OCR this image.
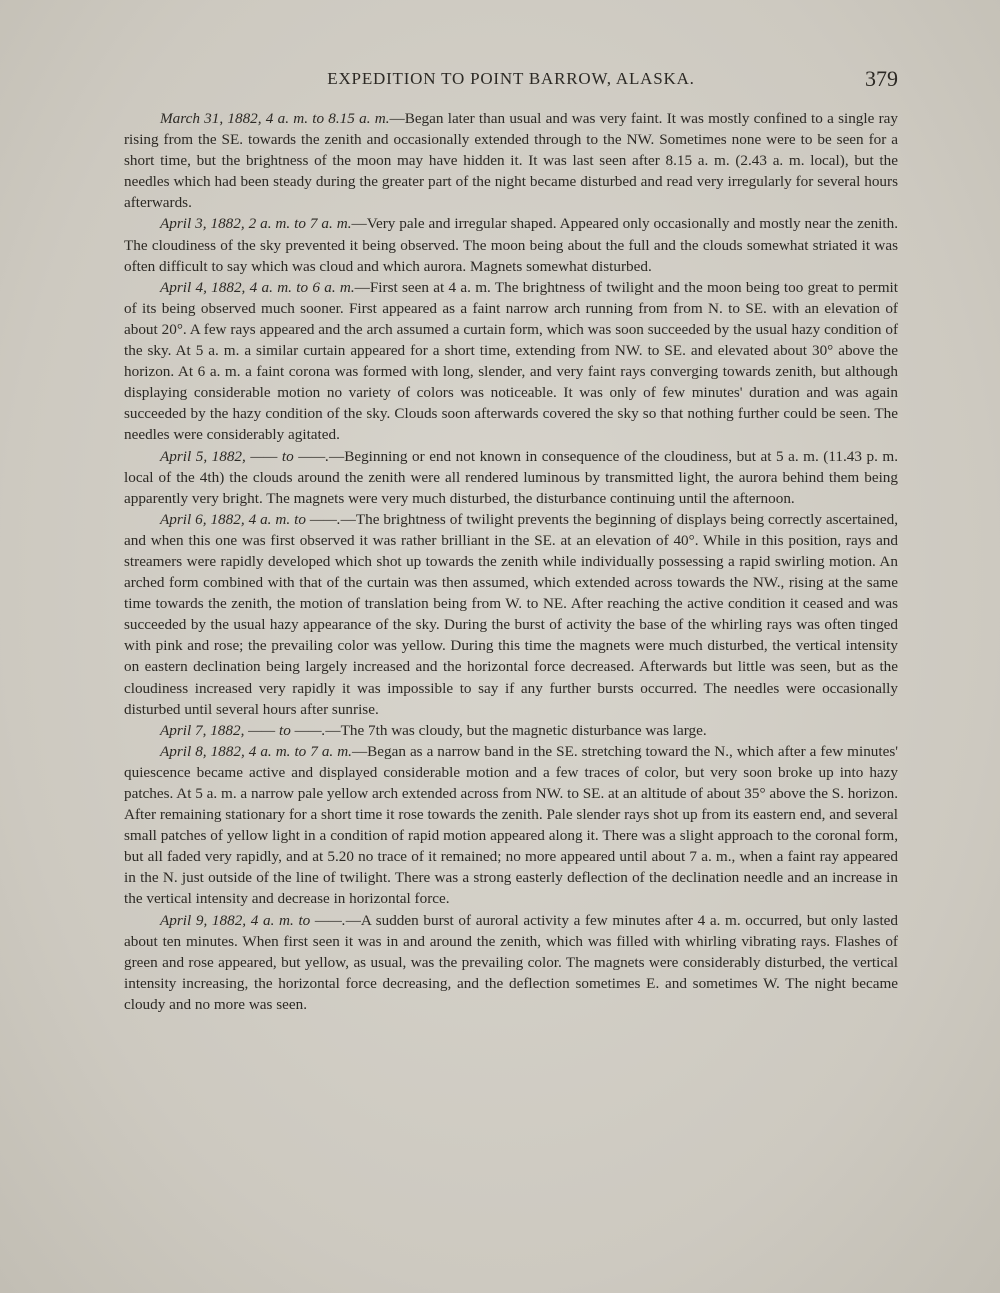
EXPEDITION TO POINT BARROW, ALASKA.	379

March 31, 1882, 4 a. m. to 8.15 a. m.—Began later than usual and was very faint. It was mostly confined to a single ray rising from the SE. towards the zenith and occasionally extended through to the NW. Sometimes none were to be seen for a short time, but the brightness of the moon may have hidden it. It was last seen after 8.15 a. m. (2.43 a. m. local), but the needles which had been steady during the greater part of the night became disturbed and read very irregularly for several hours afterwards.

April 3, 1882, 2 a. m. to 7 a. m.—Very pale and irregular shaped. Appeared only occasionally and mostly near the zenith. The cloudiness of the sky prevented it being observed. The moon being about the full and the clouds somewhat striated it was often difficult to say which was cloud and which aurora. Magnets somewhat disturbed.

April 4, 1882, 4 a. m. to 6 a. m.—First seen at 4 a. m. The brightness of twilight and the moon being too great to permit of its being observed much sooner. First appeared as a faint narrow arch running from from N. to SE. with an elevation of about 20°. A few rays appeared and the arch assumed a curtain form, which was soon succeeded by the usual hazy condition of the sky. At 5 a. m. a similar curtain appeared for a short time, extending from NW. to SE. and elevated about 30° above the horizon. At 6 a. m. a faint corona was formed with long, slender, and very faint rays converging towards zenith, but although displaying considerable motion no variety of colors was noticeable. It was only of few minutes' duration and was again succeeded by the hazy condition of the sky. Clouds soon afterwards covered the sky so that nothing further could be seen. The needles were considerably agitated.

April 5, 1882, —— to ——.—Beginning or end not known in consequence of the cloudiness, but at 5 a. m. (11.43 p. m. local of the 4th) the clouds around the zenith were all rendered luminous by transmitted light, the aurora behind them being apparently very bright. The magnets were very much disturbed, the disturbance continuing until the afternoon.

April 6, 1882, 4 a. m. to ——.—The brightness of twilight prevents the beginning of displays being correctly ascertained, and when this one was first observed it was rather brilliant in the SE. at an elevation of 40°. While in this position, rays and streamers were rapidly developed which shot up towards the zenith while individually possessing a rapid swirling motion. An arched form combined with that of the curtain was then assumed, which extended across towards the NW., rising at the same time towards the zenith, the motion of translation being from W. to NE. After reaching the active condition it ceased and was succeeded by the usual hazy appearance of the sky. During the burst of activity the base of the whirling rays was often tinged with pink and rose; the prevailing color was yellow. During this time the magnets were much disturbed, the vertical intensity on eastern declination being largely increased and the horizontal force decreased. Afterwards but little was seen, but as the cloudiness increased very rapidly it was impossible to say if any further bursts occurred. The needles were occasionally disturbed until several hours after sunrise.

April 7, 1882, —— to ——.—The 7th was cloudy, but the magnetic disturbance was large.

April 8, 1882, 4 a. m. to 7 a. m.—Began as a narrow band in the SE. stretching toward the N., which after a few minutes' quiescence became active and displayed considerable motion and a few traces of color, but very soon broke up into hazy patches. At 5 a. m. a narrow pale yellow arch extended across from NW. to SE. at an altitude of about 35° above the S. horizon. After remaining stationary for a short time it rose towards the zenith. Pale slender rays shot up from its eastern end, and several small patches of yellow light in a condition of rapid motion appeared along it. There was a slight approach to the coronal form, but all faded very rapidly, and at 5.20 no trace of it remained; no more appeared until about 7 a. m., when a faint ray appeared in the N. just outside of the line of twilight. There was a strong easterly deflection of the declination needle and an increase in the vertical intensity and decrease in horizontal force.

April 9, 1882, 4 a. m. to ——.—A sudden burst of auroral activity a few minutes after 4 a. m. occurred, but only lasted about ten minutes. When first seen it was in and around the zenith, which was filled with whirling vibrating rays. Flashes of green and rose appeared, but yellow, as usual, was the prevailing color. The magnets were considerably disturbed, the vertical intensity increasing, the horizontal force decreasing, and the deflection sometimes E. and sometimes W. The night became cloudy and no more was seen.
